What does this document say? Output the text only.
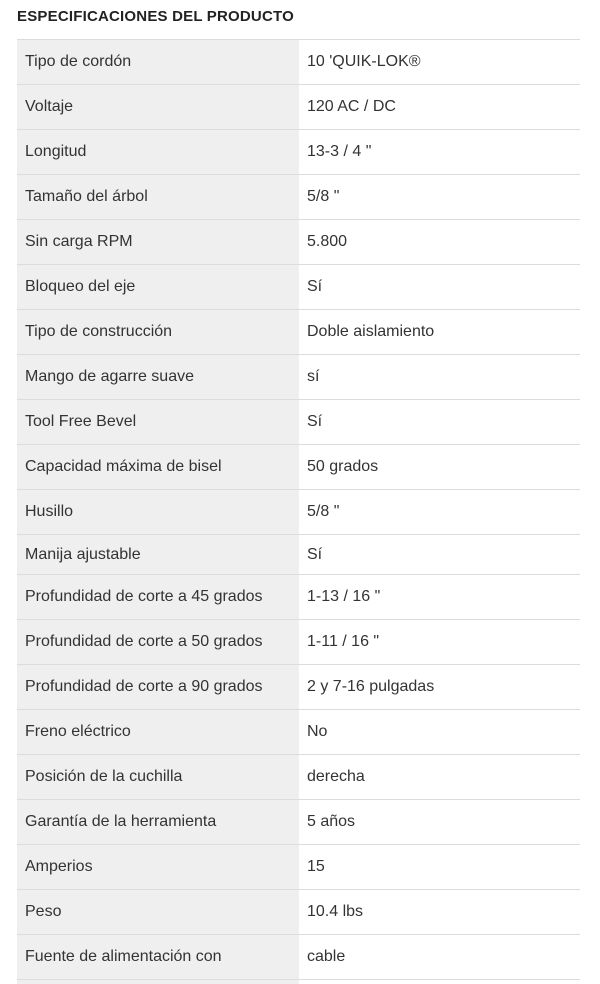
ESPECIFICACIONES DEL PRODUCTO
Tipo de cordón	10 'QUIK-LOK®
Voltaje	120 AC / DC
Longitud	13-3 / 4 "
Tamaño del árbol	5/8 "
Sin carga RPM	5.800
Bloqueo del eje	Sí
Tipo de construcción	Doble aislamiento
Mango de agarre suave	sí
Tool Free Bevel	Sí
Capacidad máxima de bisel	50 grados
Husillo	5/8 "
Manija ajustable	Sí
Profundidad de corte a 45 grados	1-13 / 16 "
Profundidad de corte a 50 grados	1-11 / 16 "
Profundidad de corte a 90 grados	2 y 7-16 pulgadas
Freno eléctrico	No
Posición de la cuchilla	derecha
Garantía de la herramienta	5 años
Amperios	15
Peso	10.4 lbs
Fuente de alimentación con	cable
